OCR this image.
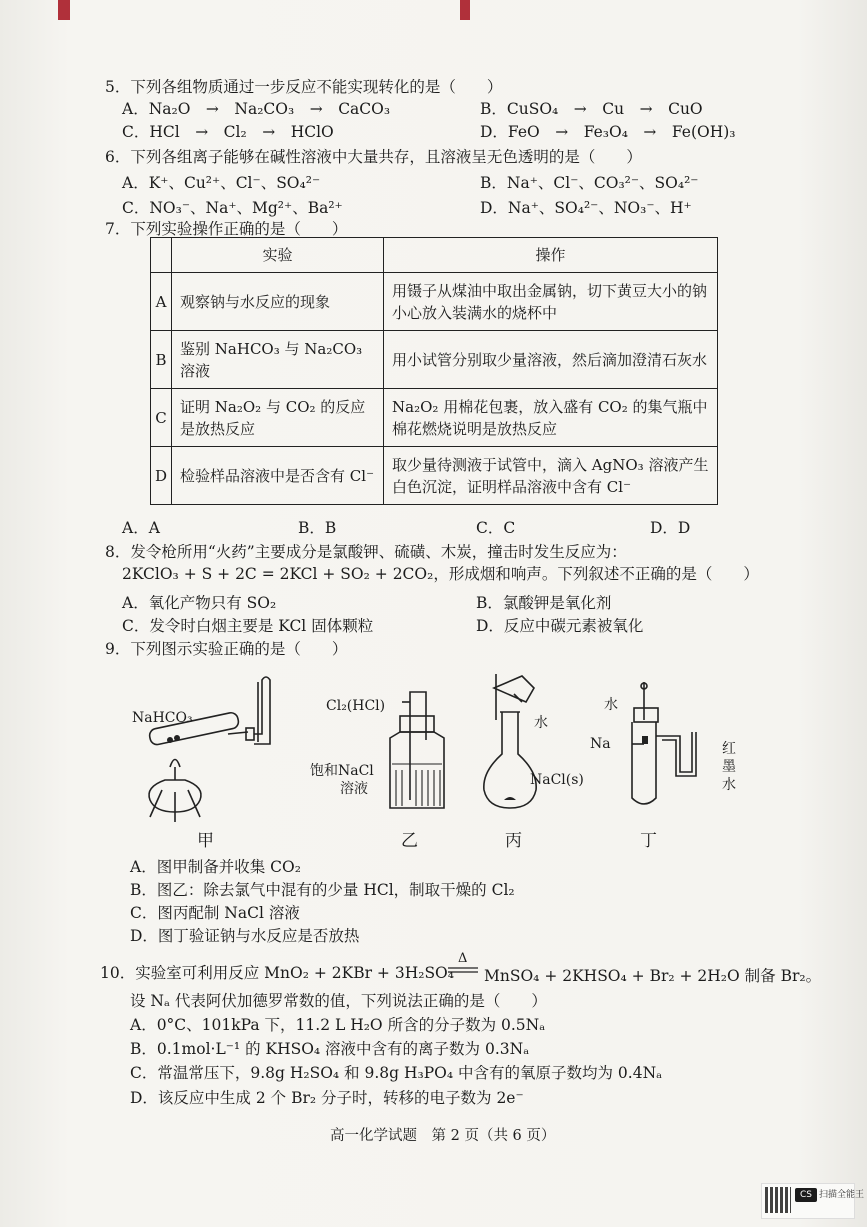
5．下列各组物质通过一步反应不能实现转化的是（　　）
A．Na₂O　→　Na₂CO₃　→　CaCO₃	B．CuSO₄　→　Cu　→　CuO
C．HCl　→　Cl₂　→　HClO	D．FeO　→　Fe₃O₄　→　Fe(OH)₃
6．下列各组离子能够在碱性溶液中大量共存，且溶液呈无色透明的是（　　）
A．K⁺、Cu²⁺、Cl⁻、SO₄²⁻	B．Na⁺、Cl⁻、CO₃²⁻、SO₄²⁻
C．NO₃⁻、Na⁺、Mg²⁺、Ba²⁺	D．Na⁺、SO₄²⁻、NO₃⁻、H⁺
7．下列实验操作正确的是（　　）
	实验	操作
A	观察钠与水反应的现象	用镊子从煤油中取出金属钠，切下黄豆大小的钠小心放入装满水的烧杯中
B	鉴别 NaHCO₃ 与 Na₂CO₃ 溶液	用小试管分别取少量溶液，然后滴加澄清石灰水
C	证明 Na₂O₂ 与 CO₂ 的反应是放热反应	Na₂O₂ 用棉花包裹，放入盛有 CO₂ 的集气瓶中棉花燃烧说明是放热反应
D	检验样品溶液中是否含有 Cl⁻	取少量待测液于试管中，滴入 AgNO₃ 溶液产生白色沉淀，证明样品溶液中含有 Cl⁻
A．A	B．B	C．C	D．D
8．发令枪所用“火药”主要成分是氯酸钾、硫磺、木炭，撞击时发生反应为：
2KClO₃ + S + 2C = 2KCl + SO₂ + 2CO₂，形成烟和响声。下列叙述不正确的是（　　）
A．氧化产物只有 SO₂	B．氯酸钾是氧化剂
C．发令时白烟主要是 KCl 固体颗粒	D．反应中碳元素被氧化
9．下列图示实验正确的是（　　）
NaHCO₃
Cl₂(HCl)
饱和NaCl
溶液
水
NaCl(s)
水
Na	红
墨
水
甲	乙	丙	丁
A．图甲制备并收集 CO₂
B．图乙：除去氯气中混有的少量 HCl，制取干燥的 Cl₂
C．图丙配制 NaCl 溶液
D．图丁验证钠与水反应是否放热
10．实验室可利用反应 MnO₂ + 2KBr + 3H₂SO₄
Δ
MnSO₄ + 2KHSO₄ + Br₂ + 2H₂O 制备 Br₂。
设 Nₐ 代表阿伏加德罗常数的值，下列说法正确的是（　　）
A．0°C、101kPa 下，11.2 L H₂O 所含的分子数为 0.5Nₐ
B．0.1mol·L⁻¹ 的 KHSO₄ 溶液中含有的离子数为 0.3Nₐ
C．常温常压下，9.8g H₂SO₄ 和 9.8g H₃PO₄ 中含有的氧原子数均为 0.4Nₐ
D．该反应中生成 2 个 Br₂ 分子时，转移的电子数为 2e⁻
高一化学试题　第 2 页（共 6 页）
CS 扫描全能王
